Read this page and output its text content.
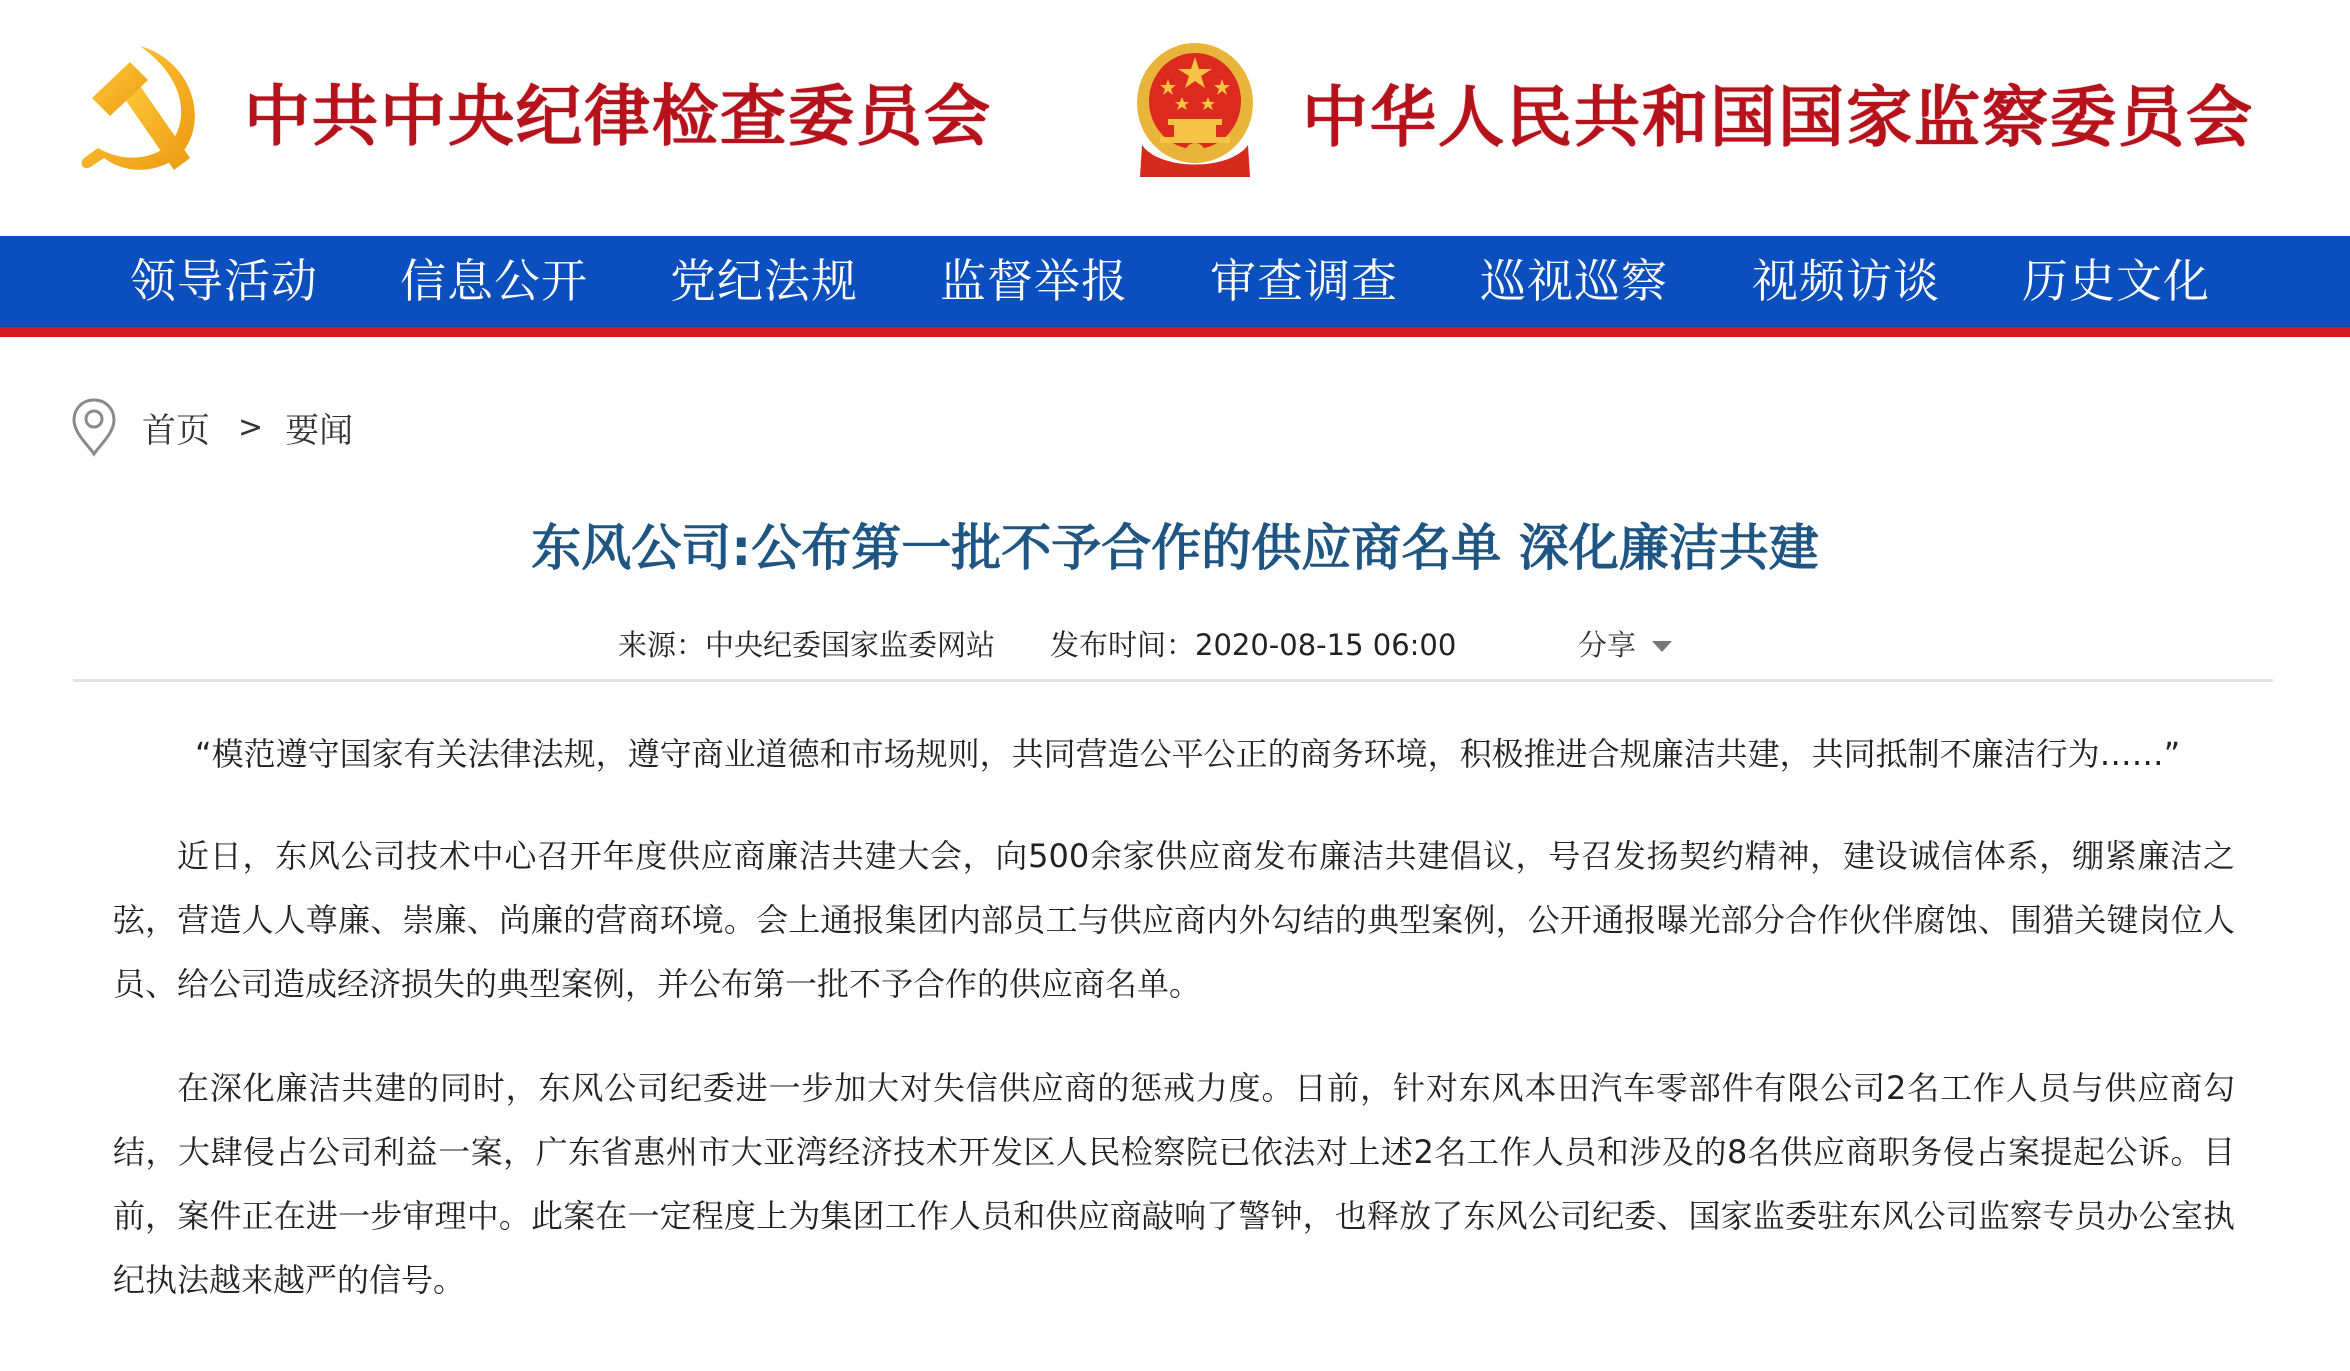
中共中央纪律检查委员会	中华人民共和国国家监察委员会
领导活动 信息公开 党纪法规 监督举报 审查调查 巡视巡察 视频访谈 历史文化
首页 > 要闻
东风公司:公布第一批不予合作的供应商名单 深化廉洁共建
来源：中央纪委国家监委网站 发布时间：2020-08-15 06:00	分享

“模范遵守国家有关法律法规，遵守商业道德和市场规则，共同营造公平公正的商务环境，积极推进合规廉洁共建，共同抵制不廉洁行为……”

近日，东风公司技术中心召开年度供应商廉洁共建大会，向500余家供应商发布廉洁共建倡议，号召发扬契约精神，建设诚信体系，绷紧廉洁之弦，营造人人尊廉、崇廉、尚廉的营商环境。会上通报集团内部员工与供应商内外勾结的典型案例，公开通报曝光部分合作伙伴腐蚀、围猎关键岗位人员、给公司造成经济损失的典型案例，并公布第一批不予合作的供应商名单。

在深化廉洁共建的同时，东风公司纪委进一步加大对失信供应商的惩戒力度。日前，针对东风本田汽车零部件有限公司2名工作人员与供应商勾结，大肆侵占公司利益一案，广东省惠州市大亚湾经济技术开发区人民检察院已依法对上述2名工作人员和涉及的8名供应商职务侵占案提起公诉。目前，案件正在进一步审理中。此案在一定程度上为集团工作人员和供应商敲响了警钟，也释放了东风公司纪委、国家监委驻东风公司监察专员办公室执纪执法越来越严的信号。
